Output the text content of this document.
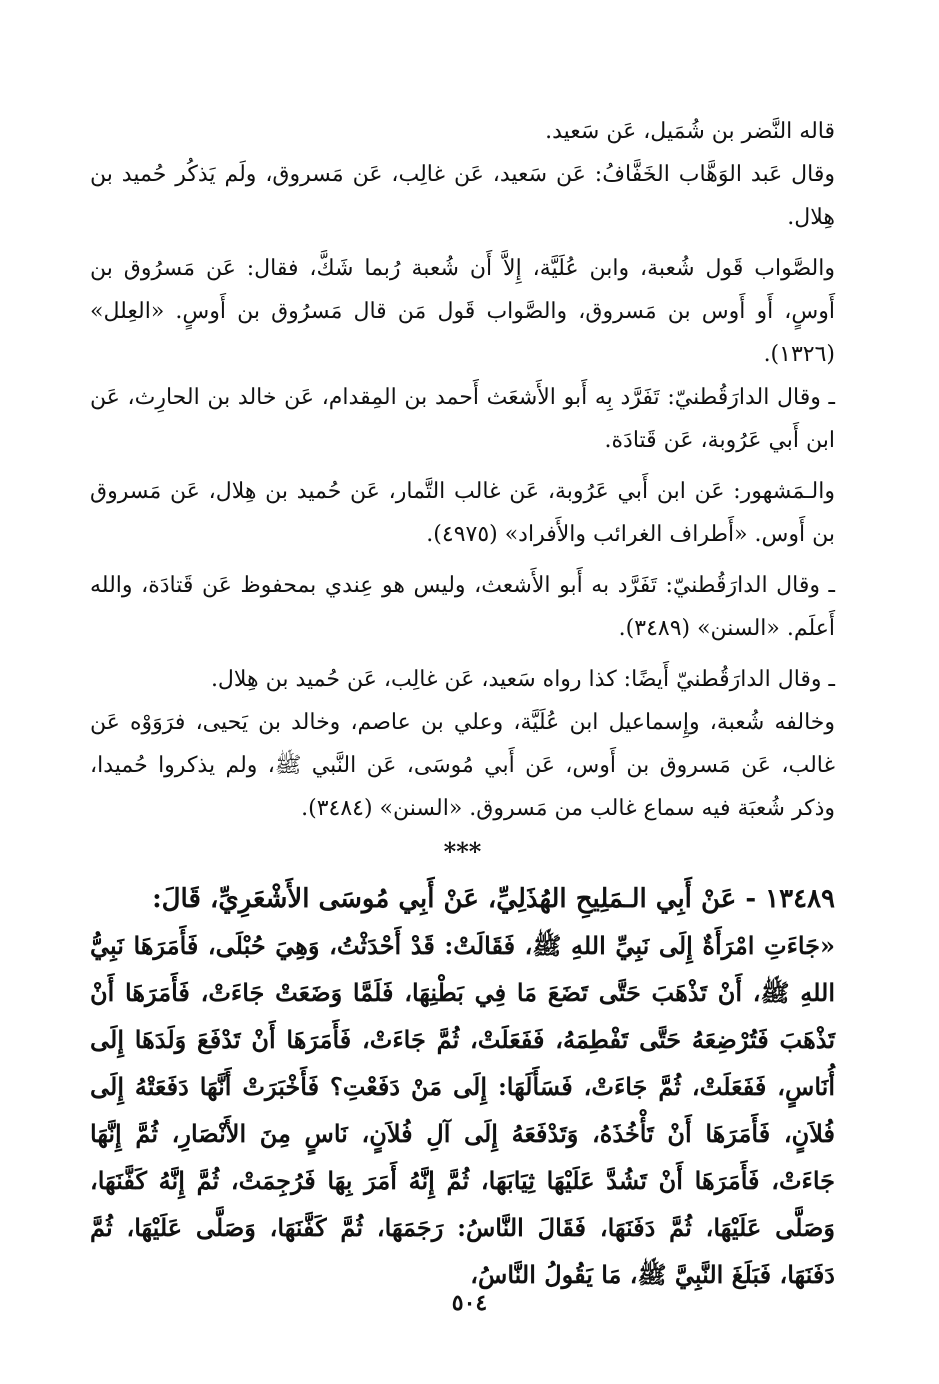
قاله النَّضر بن شُمَيل، عَن سَعيد.

وقال عَبد الوَهَّاب الخَفَّافُ: عَن سَعيد، عَن غالِب، عَن مَسروق، ولَم يَذكُر حُميد بن هِلال.

والصَّواب قَول شُعبة، وابن عُلَيَّة، إِلاَّ أَن شُعبة رُبما شَكَّ، فقال: عَن مَسرُوق بن أَوسٍ، أَو أَوس بن مَسروق، والصَّواب قَول مَن قال مَسرُوق بن أَوسٍ. «العِلل» (١٣٢٦).

ـ وقال الدارَقُطنيّ: تَفَرَّد بِه أَبو الأَشعَث أَحمد بن المِقدام، عَن خالد بن الحارِث، عَن ابن أَبي عَرُوبة، عَن قَتادَة.

والـمَشهور: عَن ابن أَبي عَرُوبة، عَن غالب التَّمار، عَن حُميد بن هِلال، عَن مَسروق بن أَوس. «أَطراف الغرائب والأَفراد» (٤٩٧٥).

ـ وقال الدارَقُطنيّ: تَفَرَّد به أَبو الأَشعث، وليس هو عِندي بمحفوظ عَن قَتادَة، والله أَعلَم. «السنن» (٣٤٨٩).

ـ وقال الدارَقُطنيّ أَيضًا: كذا رواه سَعيد، عَن غالِب، عَن حُميد بن هِلال.

وخالفه شُعبة، وإِسماعيل ابن عُلَيَّة، وعلي بن عاصم، وخالد بن يَحيى، فرَوَوْه عَن غالب، عَن مَسروق بن أَوس، عَن أَبي مُوسَى، عَن النَّبي ﷺ، ولم يذكروا حُميدا، وذكر شُعبَة فيه سماع غالب من مَسروق. «السنن» (٣٤٨٤).

***

١٣٤٨٩ - عَنْ أَبِي الـمَلِيحِ الهُذَلِيِّ، عَنْ أَبِي مُوسَى الأَشْعَرِيِّ، قَالَ:

«جَاءَتِ امْرَأَةٌ إِلَى نَبِيِّ اللهِ ﷺ، فَقَالَتْ: قَدْ أَحْدَثْتُ، وَهِيَ حُبْلَى، فَأَمَرَهَا نَبِيُّ اللهِ ﷺ، أَنْ تَذْهَبَ حَتَّى تَضَعَ مَا فِي بَطْنِهَا، فَلَمَّا وَضَعَتْ جَاءَتْ، فَأَمَرَهَا أَنْ تَذْهَبَ فَتُرْضِعَهُ حَتَّى تَفْطِمَهُ، فَفَعَلَتْ، ثُمَّ جَاءَتْ، فَأَمَرَهَا أَنْ تَدْفَعَ وَلَدَهَا إِلَى أُنَاسٍ، فَفَعَلَتْ، ثُمَّ جَاءَتْ، فَسَأَلَهَا: إِلَى مَنْ دَفَعْتِ؟ فَأَخْبَرَتْ أَنَّهَا دَفَعَتْهُ إِلَى فُلاَنٍ، فَأَمَرَهَا أَنْ تَأْخُذَهُ، وَتَدْفَعَهُ إِلَى آلِ فُلاَنٍ، نَاسٍ مِنَ الأَنْصَارِ، ثُمَّ إِنَّهَا جَاءَتْ، فَأَمَرَهَا أَنْ تَشُدَّ عَلَيْهَا ثِيَابَهَا، ثُمَّ إِنَّهُ أَمَرَ بِهَا فَرُجِمَتْ، ثُمَّ إِنَّهُ كَفَّنَهَا، وَصَلَّى عَلَيْهَا، ثُمَّ دَفَنَهَا، فَقَالَ النَّاسُ: رَجَمَهَا، ثُمَّ كَفَّنَهَا، وَصَلَّى عَلَيْهَا، ثُمَّ دَفَنَهَا، فَبَلَغَ النَّبِيَّ ﷺ، مَا يَقُولُ النَّاسُ،

٥٠٤
